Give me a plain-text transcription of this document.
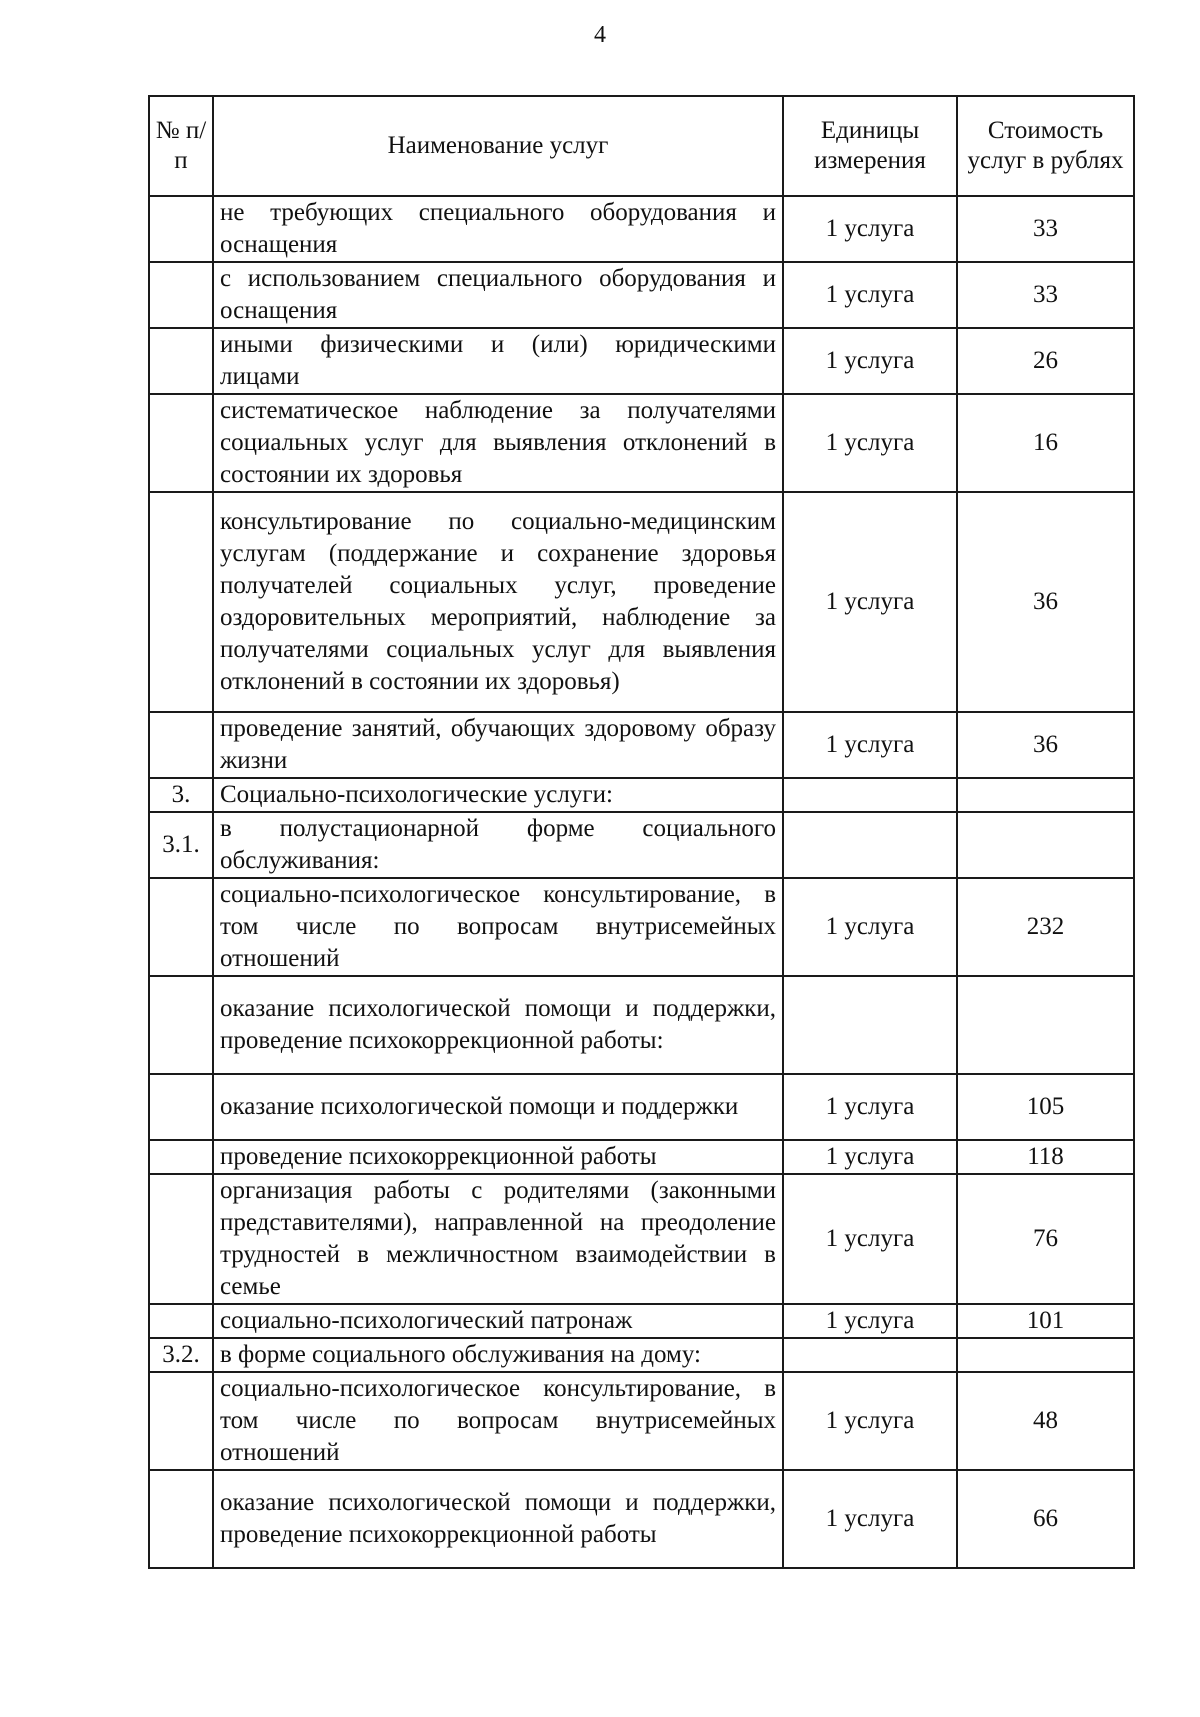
4
№ п/п	Наименование услуг	Единицы измерения	Стоимость услуг в рублях
	не требующих специального оборудования и оснащения	1 услуга	33
	с использованием специального оборудования и оснащения	1 услуга	33
	иными физическими и (или) юридическими лицами	1 услуга	26
	систематическое наблюдение за получателями социальных услуг для выявления отклонений в состоянии их здоровья	1 услуга	16
	консультирование по социально-медицинским услугам (поддержание и сохранение здоровья получателей социальных услуг, проведение оздоровительных мероприятий, наблюдение за получателями социальных услуг для выявления отклонений в состоянии их здоровья)	1 услуга	36
	проведение занятий, обучающих здоровому образу жизни	1 услуга	36
3.	Социально-психологические услуги:		
3.1.	в полустационарной форме социального обслуживания:		
	социально-психологическое консультирование, в том числе по вопросам внутрисемейных отношений	1 услуга	232
	оказание психологической помощи и поддержки, проведение психокоррекционной работы:		
	оказание психологической помощи и поддержки	1 услуга	105
	проведение психокоррекционной работы	1 услуга	118
	организация работы с родителями (законными представителями), направленной на преодоление трудностей в межличностном взаимодействии в семье	1 услуга	76
	социально-психологический патронаж	1 услуга	101
3.2.	в форме социального обслуживания на дому:		
	социально-психологическое консультирование, в том числе по вопросам внутрисемейных отношений	1 услуга	48
	оказание психологической помощи и поддержки, проведение психокоррекционной работы	1 услуга	66
